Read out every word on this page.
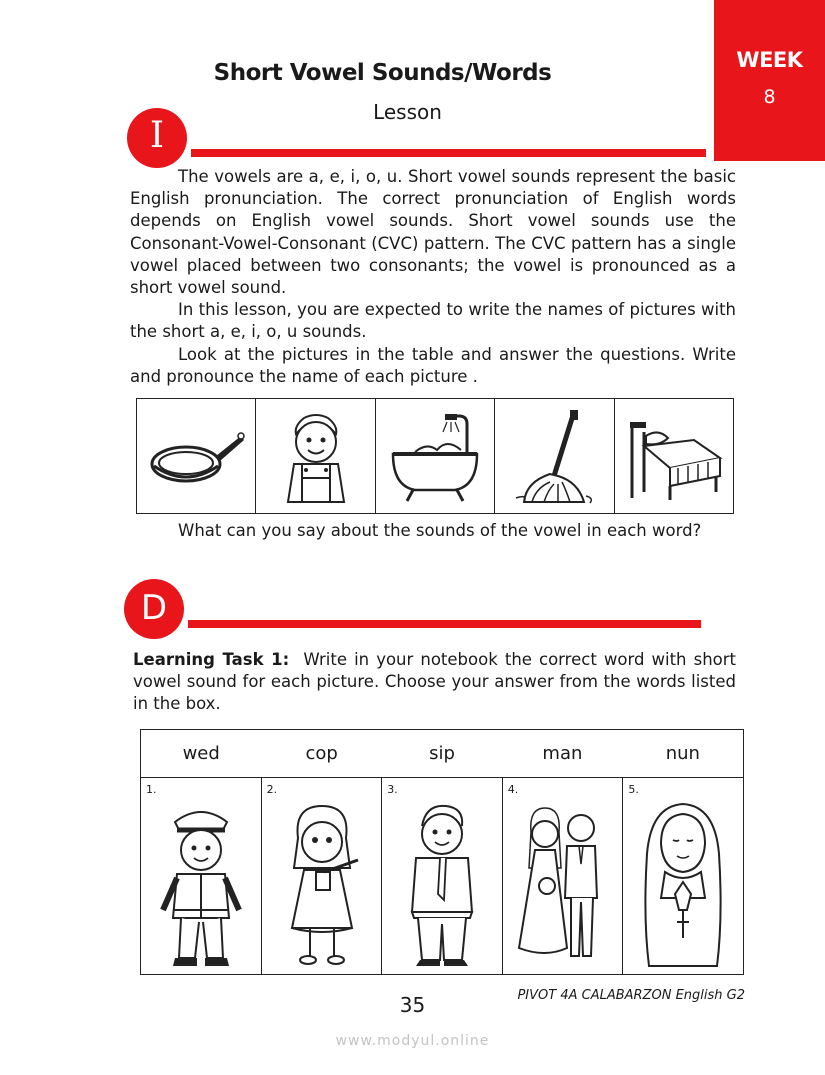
WEEK
8
Short Vowel Sounds/Words
Lesson
I

The vowels are a, e, i, o, u. Short vowel sounds represent the basic English pronunciation. The correct pronunciation of English words depends on English vowel sounds. Short vowel sounds use the Consonant-Vowel-Consonant (CVC) pattern. The CVC pattern has a single vowel placed between two consonants; the vowel is pronounced as a short vowel sound.

In this lesson, you are expected to write the names of pictures with the short a, e, i, o, u sounds.

Look at the pictures in the table and answer the questions. Write and pronounce the name of each picture .

What can you say about the sounds of the vowel in each word?

D

Learning Task 1: Write in your notebook the correct word with short vowel sound for each picture. Choose your answer from the words listed in the box.

wed	cop	sip	man	nun
1.	2.	3.	4.	5.
35	PIVOT 4A CALABARZON English G2
www.modyul.online
